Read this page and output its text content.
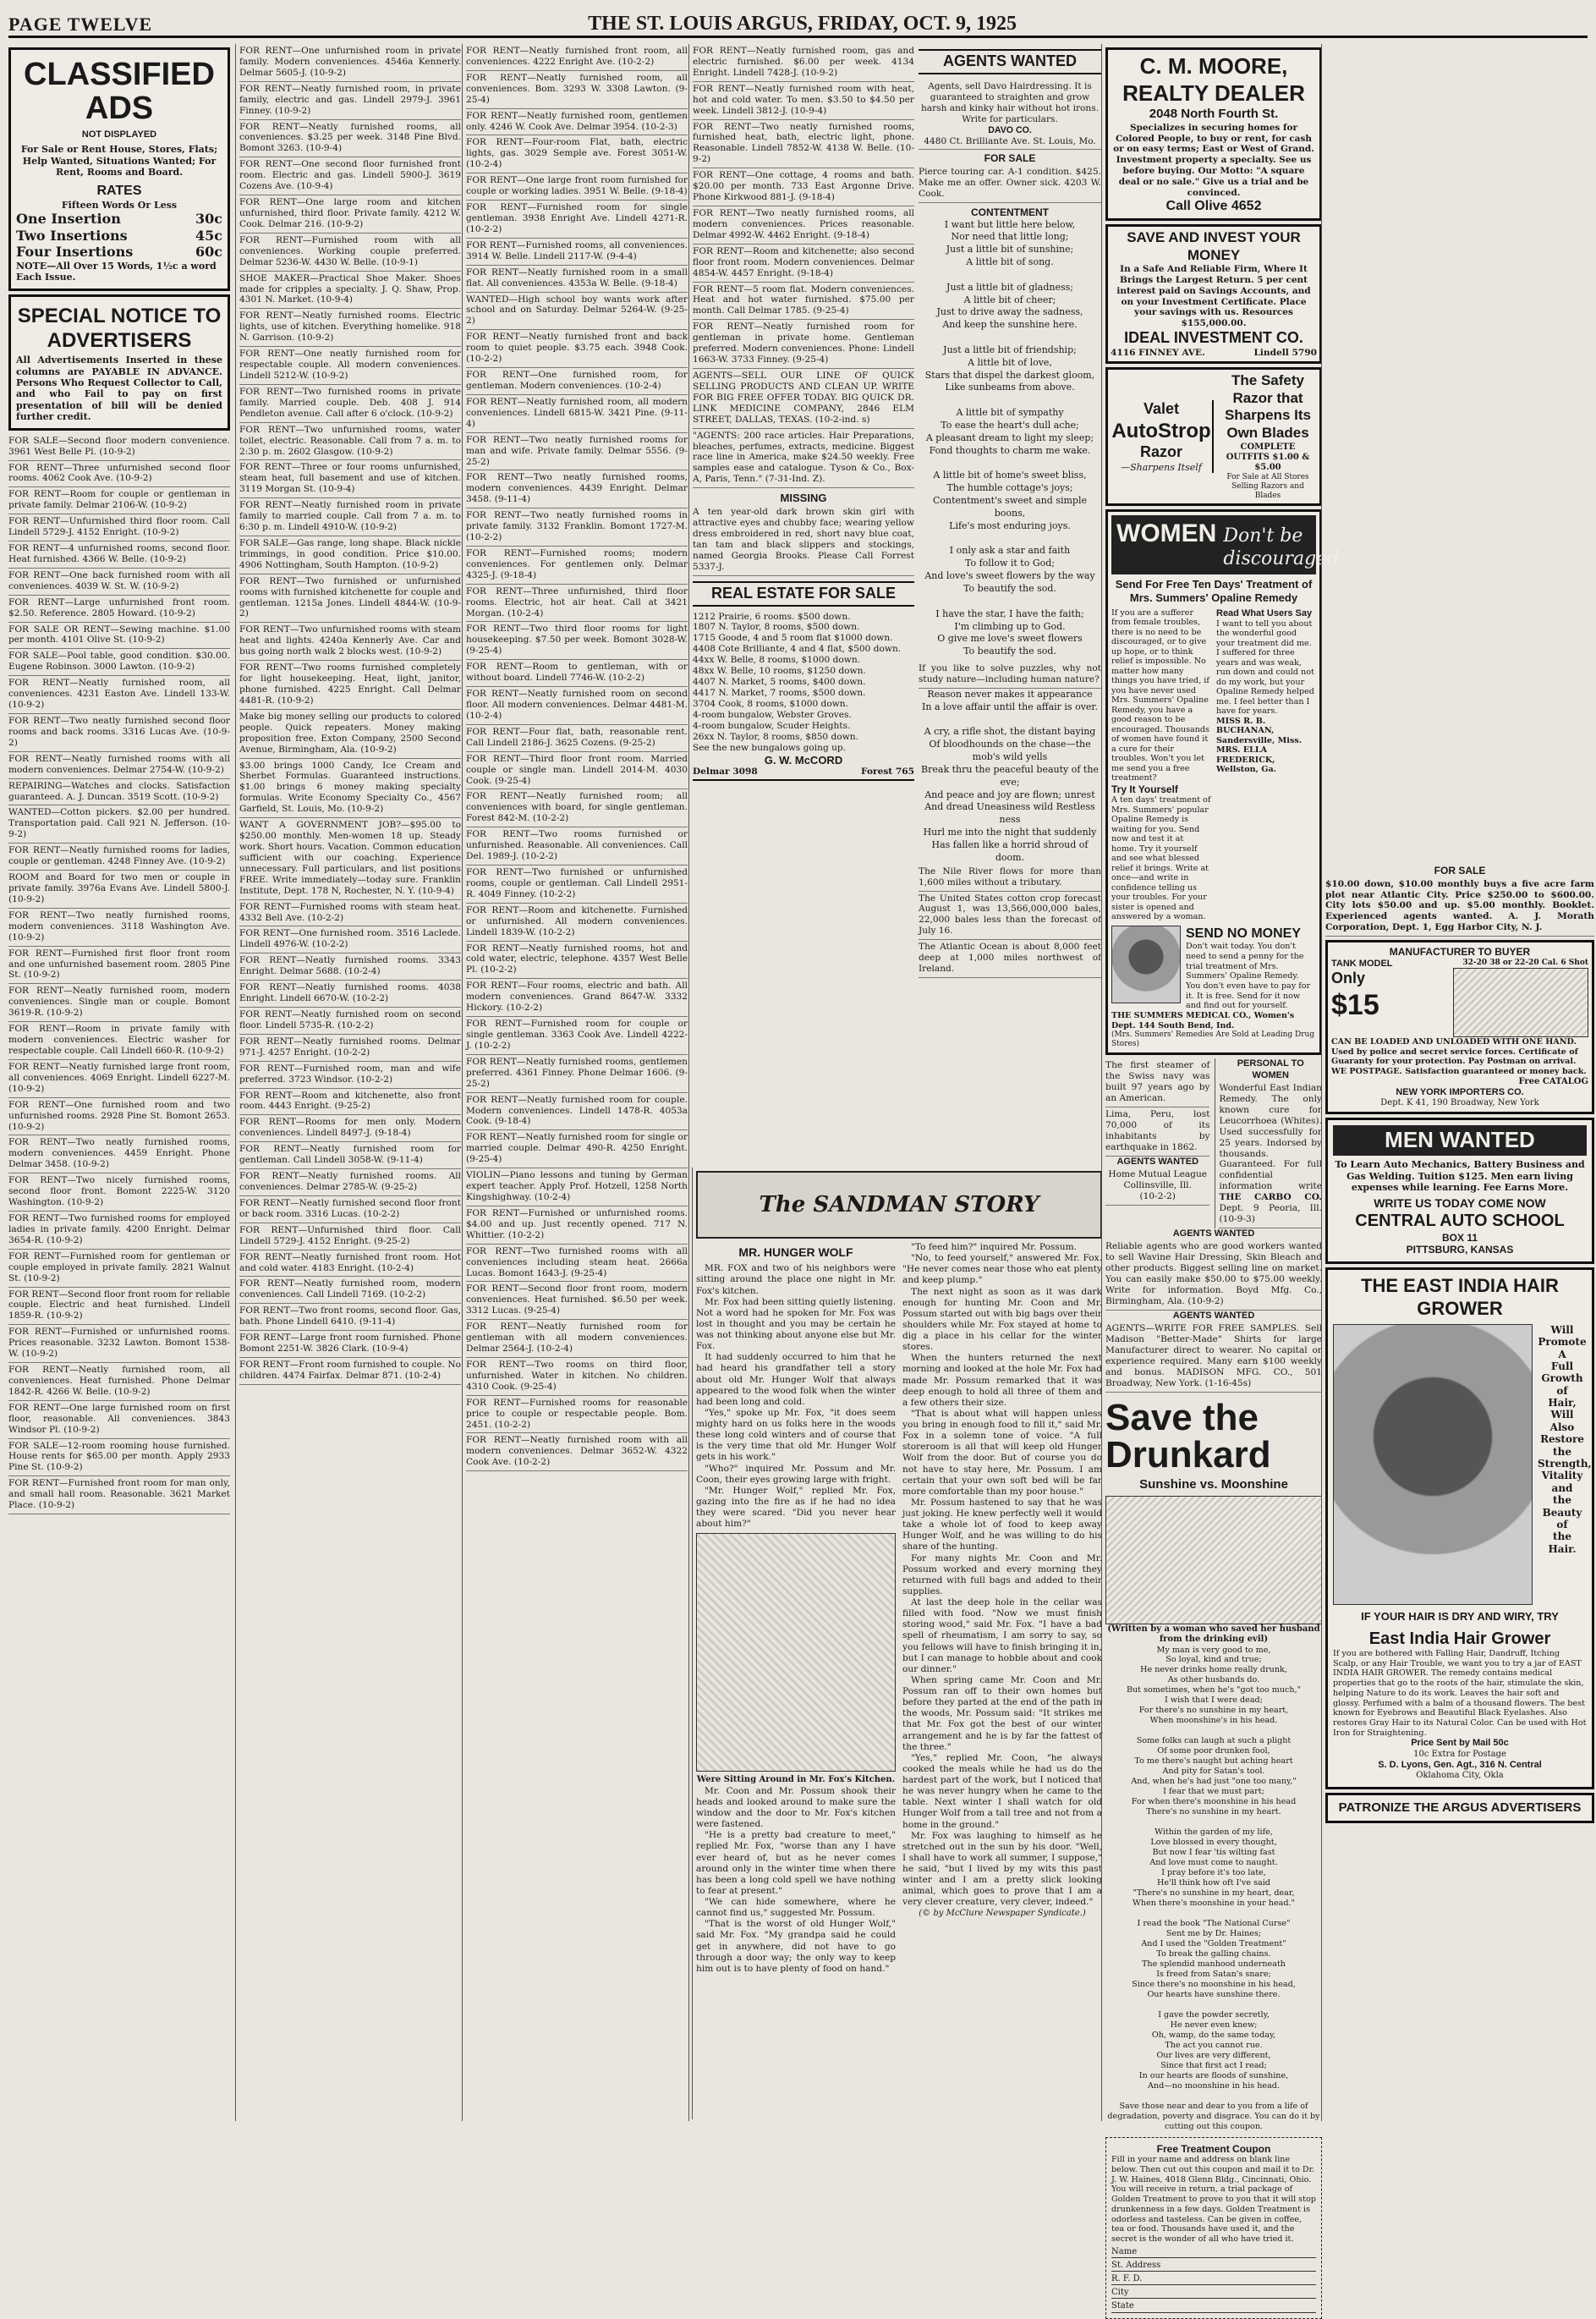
PAGE TWELVE	THE ST. LOUIS ARGUS, FRIDAY, OCT. 9, 1925
CLASSIFIED ADS
NOT DISPLAYED
For Sale or Rent House, Stores, Flats; Help Wanted, Situations Wanted; For Rent, Rooms and Board.
RATES
Fifteen Words Or Less
One Insertion	30c
Two Insertions	45c
Four Insertions	60c
NOTE—All Over 15 Words, 1½c a word Each Issue.
SPECIAL NOTICE TO ADVERTISERS
All Advertisements Inserted in these columns are PAYABLE IN ADVANCE. Persons Who Request Collector to Call, and who Fail to pay on first presentation of bill will be denied further credit.
FOR SALE—Second floor modern convenience. 3961 West Belle Pl. (10-9-2)
FOR RENT—Three unfurnished second floor rooms. 4062 Cook Ave. (10-9-2)
FOR RENT—Room for couple or gentleman in private family. Delmar 2106-W. (10-9-2)
FOR RENT—Unfurnished third floor room. Call Lindell 5729-J. 4152 Enright. (10-9-2)
FOR RENT—4 unfurnished rooms, second floor. Heat furnished. 4366 W. Belle. (10-9-2)
FOR RENT—One back furnished room with all conveniences. 4039 W. St. W. (10-9-2)
FOR RENT—Large unfurnished front room. $2.50. Reference. 2805 Howard. (10-9-2)
FOR SALE OR RENT—Sewing machine. $1.00 per month. 4101 Olive St. (10-9-2)
FOR SALE—Pool table, good condition. $30.00. Eugene Robinson. 3000 Lawton. (10-9-2)
FOR RENT—Neatly furnished room, all conveniences. 4231 Easton Ave. Lindell 133-W. (10-9-2)
FOR RENT—Two neatly furnished second floor rooms and back rooms. 3316 Lucas Ave. (10-9-2)
FOR RENT—Neatly furnished rooms with all modern conveniences. Delmar 2754-W. (10-9-2)
REPAIRING—Watches and clocks. Satisfaction guaranteed. A. J. Duncan. 3519 Scott. (10-9-2)
WANTED—Cotton pickers. $2.00 per hundred. Transportation paid. Call 921 N. Jefferson. (10-9-2)
FOR RENT—Neatly furnished rooms for ladies, couple or gentleman. 4248 Finney Ave. (10-9-2)
ROOM and Board for two men or couple in private family. 3976a Evans Ave. Lindell 5800-J. (10-9-2)
FOR RENT—Two neatly furnished rooms, modern conveniences. 3118 Washington Ave. (10-9-2)
FOR RENT—Furnished first floor front room and one unfurnished basement room. 2805 Pine St. (10-9-2)
FOR RENT—Neatly furnished room, modern conveniences. Single man or couple. Bomont 3619-R. (10-9-2)
FOR RENT—Room in private family with modern conveniences. Electric washer for respectable couple. Call Lindell 660-R. (10-9-2)
FOR RENT—Neatly furnished large front room, all conveniences. 4069 Enright. Lindell 6227-M. (10-9-2)
FOR RENT—One furnished room and two unfurnished rooms. 2928 Pine St. Bomont 2653. (10-9-2)
FOR RENT—Two neatly furnished rooms, modern conveniences. 4459 Enright. Phone Delmar 3458. (10-9-2)
FOR RENT—Two nicely furnished rooms, second floor front. Bomont 2225-W. 3120 Washington. (10-9-2)
FOR RENT—Two furnished rooms for employed ladies in private family. 4200 Enright. Delmar 3654-R. (10-9-2)
FOR RENT—Furnished room for gentleman or couple employed in private family. 2821 Walnut St. (10-9-2)
FOR RENT—Second floor front room for reliable couple. Electric and heat furnished. Lindell 1859-R. (10-9-2)
FOR RENT—Furnished or unfurnished rooms. Prices reasonable. 3232 Lawton. Bomont 1538-W. (10-9-2)
FOR RENT—Neatly furnished room, all conveniences. Heat furnished. Phone Delmar 1842-R. 4266 W. Belle. (10-9-2)
FOR RENT—One large furnished room on first floor, reasonable. All conveniences. 3843 Windsor Pl. (10-9-2)
FOR SALE—12-room rooming house furnished. House rents for $65.00 per month. Apply 2933 Pine St. (10-9-2)
FOR RENT—Furnished front room for man only, and small hall room. Reasonable. 3621 Market Place. (10-9-2)
FOR RENT—One unfurnished room in private family. Modern conveniences. 4546a Kennerly. Delmar 5605-J. (10-9-2)
FOR RENT—Neatly furnished room, in private family, electric and gas. Lindell 2979-J. 3961 Finney. (10-9-2)
FOR RENT—Neatly furnished rooms, all conveniences. $3.25 per week. 3148 Pine Blvd. Bomont 3263. (10-9-4)
FOR RENT—One second floor furnished front room. Electric and gas. Lindell 5900-J. 3619 Cozens Ave. (10-9-4)
FOR RENT—One large room and kitchen unfurnished, third floor. Private family. 4212 W. Cook. Delmar 216. (10-9-2)
FOR RENT—Furnished room with all conveniences. Working couple preferred. Delmar 5236-W. 4430 W. Belle. (10-9-1)
SHOE MAKER—Practical Shoe Maker. Shoes made for cripples a specialty. J. Q. Shaw, Prop. 4301 N. Market. (10-9-4)
FOR RENT—Neatly furnished rooms. Electric lights, use of kitchen. Everything homelike. 918 N. Garrison. (10-9-2)
FOR RENT—One neatly furnished room for respectable couple. All modern conveniences. Lindell 5212-W. (10-9-2)
FOR RENT—Two furnished rooms in private family. Married couple. Deb. 408 J. 914 Pendleton avenue. Call after 6 o'clock. (10-9-2)
FOR RENT—Two unfurnished rooms, water toilet, electric. Reasonable. Call from 7 a. m. to 2:30 p. m. 2602 Glasgow. (10-9-2)
FOR RENT—Three or four rooms unfurnished, steam heat, full basement and use of kitchen. 3119 Morgan St. (10-9-4)
FOR RENT—Neatly furnished room in private family to married couple. Call from 7 a. m. to 6:30 p. m. Lindell 4910-W. (10-9-2)
FOR SALE—Gas range, long shape. Black nickle trimmings, in good condition. Price $10.00. 4906 Nottingham, South Hampton. (10-9-2)
FOR RENT—Two furnished or unfurnished rooms with furnished kitchenette for couple and gentleman. 1215a Jones. Lindell 4844-W. (10-9-2)
FOR RENT—Two unfurnished rooms with steam heat and lights. 4240a Kennerly Ave. Car and bus going north walk 2 blocks west. (10-9-2)
FOR RENT—Two rooms furnished completely for light housekeeping. Heat, light, janitor, phone furnished. 4225 Enright. Call Delmar 4481-R. (10-9-2)
Make big money selling our products to colored people. Quick repeaters. Money making proposition free. Exton Company, 2500 Second Avenue, Birmingham, Ala. (10-9-2)
$3.00 brings 1000 Candy, Ice Cream and Sherbet Formulas. Guaranteed instructions. $1.00 brings 6 money making specialty formulas. Write Economy Specialty Co., 4567 Garfield, St. Louis, Mo. (10-9-2)
WANT A GOVERNMENT JOB?—$95.00 to $250.00 monthly. Men-women 18 up. Steady work. Short hours. Vacation. Common education sufficient with our coaching. Experience unnecessary. Full particulars, and list positions FREE. Write immediately—today sure. Franklin Institute, Dept. 178 N, Rochester, N. Y. (10-9-4)
FOR RENT—Furnished rooms with steam heat. 4332 Bell Ave. (10-2-2)
FOR RENT—One furnished room. 3516 Laclede. Lindell 4976-W. (10-2-2)
FOR RENT—Neatly furnished rooms. 3343 Enright. Delmar 5688. (10-2-4)
FOR RENT—Neatly furnished rooms. 4038 Enright. Lindell 6670-W. (10-2-2)
FOR RENT—Neatly furnished room on second floor. Lindell 5735-R. (10-2-2)
FOR RENT—Neatly furnished rooms. Delmar 971-J. 4257 Enright. (10-2-2)
FOR RENT—Furnished room, man and wife preferred. 3723 Windsor. (10-2-2)
FOR RENT—Room and kitchenette, also front room. 4443 Enright. (9-25-2)
FOR RENT—Rooms for men only. Modern conveniences. Lindell 8497-J. (9-18-4)
FOR RENT—Neatly furnished room for gentleman. Call Lindell 3058-W. (9-11-4)
FOR RENT—Neatly furnished rooms. All conveniences. Delmar 2785-W. (9-25-2)
FOR RENT—Neatly furnished second floor front or back room. 3316 Lucas. (10-2-2)
FOR RENT—Unfurnished third floor. Call Lindell 5729-J. 4152 Enright. (9-25-2)
FOR RENT—Neatly furnished front room. Hot and cold water. 4183 Enright. (10-2-4)
FOR RENT—Neatly furnished room, modern conveniences. Call Lindell 7169. (10-2-2)
FOR RENT—Two front rooms, second floor. Gas, bath. Phone Lindell 6410. (9-11-4)
FOR RENT—Large front room furnished. Phone Bomont 2251-W. 3826 Clark. (10-9-4)
FOR RENT—Front room furnished to couple. No children. 4474 Fairfax. Delmar 871. (10-2-4)
FOR RENT—Neatly furnished front room, all conveniences. 4222 Enright Ave. (10-2-2)
FOR RENT—Neatly furnished room, all conveniences. Bom. 3293 W. 3308 Lawton. (9-25-4)
FOR RENT—Neatly furnished room, gentlemen only. 4246 W. Cook Ave. Delmar 3954. (10-2-3)
FOR RENT—Four-room Flat, bath, electric lights, gas. 3029 Semple ave. Forest 3051-W. (10-2-4)
FOR RENT—One large front room furnished for couple or working ladies. 3951 W. Belle. (9-18-4)
FOR RENT—Furnished room for single gentleman. 3938 Enright Ave. Lindell 4271-R. (10-2-2)
FOR RENT—Furnished rooms, all conveniences. 3914 W. Belle. Lindell 2117-W. (9-4-4)
FOR RENT—Neatly furnished room in a small flat. All conveniences. 4353a W. Belle. (9-18-4)
WANTED—High school boy wants work after school and on Saturday. Delmar 5264-W. (9-25-2)
FOR RENT—Neatly furnished front and back room to quiet people. $3.75 each. 3948 Cook. (10-2-2)
FOR RENT—One furnished room, for gentleman. Modern conveniences. (10-2-4)
FOR RENT—Neatly furnished room, all modern conveniences. Lindell 6815-W. 3421 Pine. (9-11-4)
FOR RENT—Two neatly furnished rooms for man and wife. Private family. Delmar 5556. (9-25-2)
FOR RENT—Two neatly furnished rooms, modern conveniences. 4439 Enright. Delmar 3458. (9-11-4)
FOR RENT—Two neatly furnished rooms in private family. 3132 Franklin. Bomont 1727-M. (10-2-2)
FOR RENT—Furnished rooms; modern conveniences. For gentlemen only. Delmar 4325-J. (9-18-4)
FOR RENT—Three unfurnished, third floor rooms. Electric, hot air heat. Call at 3421 Morgan. (10-2-4)
FOR RENT—Two third floor rooms for light housekeeping. $7.50 per week. Bomont 3028-W. (9-25-4)
FOR RENT—Room to gentleman, with or without board. Lindell 7746-W. (10-2-2)
FOR RENT—Neatly furnished room on second floor. All modern conveniences. Delmar 4481-M. (10-2-4)
FOR RENT—Four flat, bath, reasonable rent. Call Lindell 2186-J. 3625 Cozens. (9-25-2)
FOR RENT—Third floor front room. Married couple or single man. Lindell 2014-M. 4030 Cook. (9-25-4)
FOR RENT—Neatly furnished room; all conveniences with board, for single gentleman. Forest 842-M. (10-2-2)
FOR RENT—Two rooms furnished or unfurnished. Reasonable. All conveniences. Call Del. 1989-J. (10-2-2)
FOR RENT—Two furnished or unfurnished rooms, couple or gentleman. Call Lindell 2951-R. 4049 Finney. (10-2-2)
FOR RENT—Room and kitchenette. Furnished or unfurnished. All modern conveniences. Lindell 1839-W. (10-2-2)
FOR RENT—Neatly furnished rooms, hot and cold water, electric, telephone. 4357 West Belle Pl. (10-2-2)
FOR RENT—Four rooms, electric and bath. All modern conveniences. Grand 8647-W. 3332 Hickory. (10-2-2)
FOR RENT—Furnished room for couple or single gentleman. 3363 Cook Ave. Lindell 4222-J. (10-2-2)
FOR RENT—Neatly furnished rooms, gentlemen preferred. 4361 Finney. Phone Delmar 1606. (9-25-2)
FOR RENT—Neatly furnished room for couple. Modern conveniences. Lindell 1478-R. 4053a Cook. (9-18-4)
FOR RENT—Neatly furnished room for single or married couple. Delmar 490-R. 4250 Enright. (9-25-4)
VIOLIN—Piano lessons and tuning by German expert teacher. Apply Prof. Hotzell, 1258 North Kingshighway. (10-2-4)
FOR RENT—Furnished or unfurnished rooms. $4.00 and up. Just recently opened. 717 N. Whittier. (10-2-2)
FOR RENT—Two furnished rooms with all conveniences including steam heat. 2666a Lucas. Bomont 1643-J. (9-25-4)
FOR RENT—Second floor front room, modern conveniences. Heat furnished. $6.50 per week. 3312 Lucas. (9-25-4)
FOR RENT—Neatly furnished room for gentleman with all modern conveniences. Delmar 2564-J. (10-2-4)
FOR RENT—Two rooms on third floor, unfurnished. Water in kitchen. No children. 4310 Cook. (9-25-4)
FOR RENT—Furnished rooms for reasonable price to couple or respectable people. Bom. 2451. (10-2-2)
FOR RENT—Neatly furnished room with all modern conveniences. Delmar 3652-W. 4322 Cook Ave. (10-2-2)
FOR RENT—Neatly furnished room, gas and electric furnished. $6.00 per week. 4134 Enright. Lindell 7428-J. (10-9-2)
FOR RENT—Neatly furnished room with heat, hot and cold water. To men. $3.50 to $4.50 per week. Lindell 3812-J. (10-9-4)
FOR RENT—Two neatly furnished rooms, furnished heat, bath, electric light, phone. Reasonable. Lindell 7852-W. 4138 W. Belle. (10-9-2)
FOR RENT—One cottage, 4 rooms and bath. $20.00 per month. 733 East Argonne Drive. Phone Kirkwood 881-J. (9-18-4)
FOR RENT—Two neatly furnished rooms, all modern conveniences. Prices reasonable. Delmar 4992-W. 4462 Enright. (9-18-4)
FOR RENT—Room and kitchenette; also second floor front room. Modern conveniences. Delmar 4854-W. 4457 Enright. (9-18-4)
FOR RENT—5 room flat. Modern conveniences. Heat and hot water furnished. $75.00 per month. Call Delmar 1785. (9-25-4)
FOR RENT—Neatly furnished room for gentleman in private home. Gentleman preferred. Modern conveniences. Phone: Lindell 1663-W. 3733 Finney. (9-25-4)
AGENTS—SELL OUR LINE OF QUICK SELLING PRODUCTS AND CLEAN UP. WRITE FOR BIG FREE OFFER TODAY. BIG QUICK DR. LINK MEDICINE COMPANY, 2846 ELM STREET, DALLAS, TEXAS. (10-2-ind. s)
"AGENTS: 200 race articles. Hair Preparations, bleaches, perfumes, extracts, medicine. Biggest race line in America, make $24.50 weekly. Free samples ease and catalogue. Tyson & Co., Box-A, Paris, Tenn." (7-31-Ind. Z).
MISSING
A ten year-old dark brown skin girl with attractive eyes and chubby face; wearing yellow dress embroidered in red, short navy blue coat, tan tam and black slippers and stockings, named Georgia Brooks. Please Call Forrest 5337-J.
REAL ESTATE FOR SALE
1212 Prairie, 6 rooms. $500 down.
1807 N. Taylor, 8 rooms, $500 down.
1715 Goode, 4 and 5 room flat $1000 down.
4408 Cote Brilliante, 4 and 4 flat, $500 down.
44xx W. Belle, 8 rooms, $1000 down.
48xx W. Belle, 10 rooms, $1250 down.
4407 N. Market, 5 rooms, $400 down.
4417 N. Market, 7 rooms, $500 down.
3704 Cook, 8 rooms, $1000 down.
4-room bungalow, Webster Groves.
4-room bungalow, Scuder Heights.
26xx N. Taylor, 8 rooms, $850 down.
See the new bungalows going up.
G. W. McCORD
Delmar 3098	Forest 765
The SANDMAN STORY
MR. HUNGER WOLF
MR. FOX and two of his neighbors were sitting around the place one night in Mr. Fox's kitchen.
Mr. Fox had been sitting quietly listening. Not a word had he spoken for Mr. Fox was lost in thought and you may be certain he was not thinking about anyone else but Mr. Fox.
It had suddenly occurred to him that he had heard his grandfather tell a story about old Mr. Hunger Wolf that always appeared to the wood folk when the winter had been long and cold.
"Yes," spoke up Mr. Fox, "it does seem mighty hard on us folks here in the woods these long cold winters and of course that is the very time that old Mr. Hunger Wolf gets in his work."
"Who?" inquired Mr. Possum and Mr. Coon, their eyes growing large with fright.
"Mr. Hunger Wolf," replied Mr. Fox, gazing into the fire as if he had no idea they were scared. "Did you never hear about him?"
Were Sitting Around in Mr. Fox's Kitchen.
Mr. Coon and Mr. Possum shook their heads and looked around to make sure the window and the door to Mr. Fox's kitchen were fastened.
"He is a pretty bad creature to meet," replied Mr. Fox, "worse than any I have ever heard of, but as he never comes around only in the winter time when there has been a long cold spell we have nothing to fear at present."
"We can hide somewhere, where he cannot find us," suggested Mr. Possum.
"That is the worst of old Hunger Wolf," said Mr. Fox. "My grandpa said he could get in anywhere, did not have to go through a door way; the only way to keep him out is to have plenty of food on hand."
"To feed him?" inquired Mr. Possum.
"No, to feed yourself," answered Mr. Fox. "He never comes near those who eat plenty and keep plump."
The next night as soon as it was dark enough for hunting Mr. Coon and Mr. Possum started out with big bags over their shoulders while Mr. Fox stayed at home to dig a place in his cellar for the winter stores.
When the hunters returned the next morning and looked at the hole Mr. Fox had made Mr. Possum remarked that it was deep enough to hold all three of them and a few others their size.
"That is about what will happen unless you bring in enough food to fill it," said Mr. Fox in a solemn tone of voice. "A full storeroom is all that will keep old Hunger Wolf from the door. But of course you do not have to stay here, Mr. Possum. I am certain that your own soft bed will be far more comfortable than my poor house."
Mr. Possum hastened to say that he was just joking. He knew perfectly well it would take a whole lot of food to keep away Hunger Wolf, and he was willing to do his share of the hunting.
For many nights Mr. Coon and Mr. Possum worked and every morning they returned with full bags and added to their supplies.
At last the deep hole in the cellar was filled with food. "Now we must finish storing wood," said Mr. Fox. "I have a bad spell of rheumatism, I am sorry to say, so you fellows will have to finish bringing it in, but I can manage to hobble about and cook our dinner."
When spring came Mr. Coon and Mr. Possum ran off to their own homes but before they parted at the end of the path in the woods, Mr. Possum said: "It strikes me that Mr. Fox got the best of our winter arrangement and he is by far the fattest of the three."
"Yes," replied Mr. Coon, "he always cooked the meals while he had us do the hardest part of the work, but I noticed that he was never hungry when he came to the table. Next winter I shall watch for old Hunger Wolf from a tall tree and not from a home in the ground."
Mr. Fox was laughing to himself as he stretched out in the sun by his door. "Well, I shall have to work all summer, I suppose," he said, "but I lived by my wits this past winter and I am a pretty slick looking animal, which goes to prove that I am a very clever creature, very clever, indeed."
(© by McClure Newspaper Syndicate.)
AGENTS WANTED
Agents, sell Davo Hairdressing. It is guaranteed to straighten and grow harsh and kinky hair without hot irons. Write for particulars.
DAVO CO.
4480 Ct. Brilliante Ave. St. Louis, Mo.
FOR SALE
Pierce touring car. A-1 condition. $425. Make me an offer. Owner sick. 4203 W. Cook.
CONTENTMENT
I want but little here below,
Nor need that little long;
Just a little bit of sunshine;
A little bit of song.

Just a little bit of gladness;
A little bit of cheer;
Just to drive away the sadness,
And keep the sunshine here.

Just a little bit of friendship;
A little bit of love,
Stars that dispel the darkest gloom,
Like sunbeams from above.

A little bit of sympathy
To ease the heart's dull ache;
A pleasant dream to light my sleep;
Fond thoughts to charm me wake.

A little bit of home's sweet bliss,
The humble cottage's joys;
Contentment's sweet and simple boons,
Life's most enduring joys.

I only ask a star and faith
To follow it to God;
And love's sweet flowers by the way
To beautify the sod.

I have the star, I have the faith;
I'm climbing up to God.
O give me love's sweet flowers
To beautify the sod.
If you like to solve puzzles, why not study nature—including human nature?
Reason never makes it appearance
In a love affair until the affair is over.

A cry, a rifle shot, the distant baying
Of bloodhounds on the chase—the mob's wild yells
Break thru the peaceful beauty of the eve;
And peace and joy are flown; unrest
And dread Uneasiness wild Restless ness
Hurl me into the night that suddenly
Has fallen like a horrid shroud of doom.
The Nile River flows for more than 1,600 miles without a tributary.
The United States cotton crop forecast August 1, was 13,566,000,000 bales, 22,000 bales less than the forecast of July 16.
The Atlantic Ocean is about 8,000 feet deep at 1,000 miles northwest of Ireland.
C. M. MOORE, REALTY DEALER
2048 North Fourth St.
Specializes in securing homes for Colored People, to buy or rent, for cash or on easy terms; East or West of Grand. Investment property a specialty. See us before buying. Our Motto: "A square deal or no sale." Give us a trial and be convinced.
Call Olive 4652
SAVE AND INVEST YOUR MONEY
In a Safe And Reliable Firm, Where It Brings the Largest Return. 5 per cent interest paid on Savings Accounts, and on your Investment Certificate. Place your savings with us. Resources $155,000.00.
IDEAL INVESTMENT CO.
4116 FINNEY AVE.	Lindell 5790
Valet
AutoStrop
Razor
—Sharpens Itself
The Safety Razor that Sharpens Its Own Blades
COMPLETE OUTFITS $1.00 & $5.00
For Sale at All Stores Selling Razors and Blades
WOMEN Don't be discouraged
Send For Free Ten Days' Treatment of Mrs. Summers' Opaline Remedy
If you are a sufferer from female troubles, there is no need to be discouraged, or to give up hope, or to think relief is impossible. No matter how many things you have tried, if you have never used Mrs. Summers' Opaline Remedy, you have a good reason to be encouraged. Thousands of women have found it a cure for their troubles. Won't you let me send you a free treatment?
Try It Yourself
A ten days' treatment of Mrs. Summers' popular Opaline Remedy is waiting for you. Send now and test it at home. Try it yourself and see what blessed relief it brings. Write at once—and write in confidence telling us your troubles. For your sister is opened and answered by a woman.
Read What Users Say
I want to tell you about the wonderful good your treatment did me. I suffered for three years and was weak, run down and could not do my work, but your Opaline Remedy helped me. I feel better than I have for years.
MISS R. B. BUCHANAN, Sandersville, Miss.
MRS. ELLA FREDERICK, Wellston, Ga.
SEND NO MONEY
Don't wait today. You don't need to send a penny for the trial treatment of Mrs. Summers' Opaline Remedy. You don't even have to pay for it. It is free. Send for it now and find out for yourself.
THE SUMMERS MEDICAL CO., Women's Dept. 144 South Bend, Ind.
(Mrs. Summers' Remedies Are Sold at Leading Drug Stores)
The first steamer of the Swiss navy was built 97 years ago by an American.
Lima, Peru, lost 70,000 of its inhabitants by earthquake in 1862.
AGENTS WANTED
Home Mutual League
Collinsville, Ill.
(10-2-2)
PERSONAL TO WOMEN
Wonderful East Indian Remedy. The only known cure for Leucorrhoea (Whites). Used successfully for 25 years. Indorsed by thousands. Guaranteed. For full confidential information write THE CARBO CO. Dept. 9 Peoria, Ill. (10-9-3)
AGENTS WANTED
Reliable agents who are good workers wanted to sell Wavine Hair Dressing, Skin Bleach and other products. Biggest selling line on market. You can easily make $50.00 to $75.00 weekly. Write for information. Boyd Mfg. Co., Birmingham, Ala. (10-9-2)
AGENTS WANTED
AGENTS—WRITE FOR FREE SAMPLES. Sell Madison "Better-Made" Shirts for large Manufacturer direct to wearer. No capital or experience required. Many earn $100 weekly and bonus. MADISON MFG. CO., 501 Broadway, New York. (1-16-45s)
Save the Drunkard
Sunshine vs. Moonshine
(Written by a woman who saved her husband from the drinking evil)
My man is very good to me,
So loyal, kind and true;
He never drinks home really drunk,
As other husbands do.
But sometimes, when he's "got too much,"
I wish that I were dead;
For there's no sunshine in my heart,
When moonshine's in his head.

Some folks can laugh at such a plight
Of some poor drunken fool,
To me there's naught but aching heart
And pity for Satan's tool.
And, when he's had just "one too many,"
I fear that we must part;
For when there's moonshine in his head
There's no sunshine in my heart.

Within the garden of my life,
Love blossed in every thought,
But now I fear 'tis wilting fast
And love must come to naught.
I pray before it's too late,
He'll think how oft I've said
"There's no sunshine in my heart, dear,
When there's moonshine in your head."

I read the book "The National Curse"
Sent me by Dr. Haines;
And I used the "Golden Treatment"
To break the galling chains.
The splendid manhood underneath
Is freed from Satan's snare;
Since there's no moonshine in his head,
Our hearts have sunshine there.

I gave the powder secretly,
He never even knew;
Oh, wamp, do the same today,
The act you cannot rue.
Our lives are very different,
Since that first act I read;
In our hearts are floods of sunshine,
And—no moonshine in his head.

Save those near and dear to you from a life of degradation, poverty and disgrace. You can do it by cutting out this coupon.
Free Treatment Coupon
Fill in your name and address on blank line below. Then cut out this coupon and mail it to Dr. J. W. Haines, 4018 Glenn Bldg., Cincinnati, Ohio. You will receive in return, a trial package of Golden Treatment to prove to you that it will stop drunkenness in a few days. Golden Treatment is odorless and tasteless. Can be given in coffee, tea or food. Thousands have used it, and the secret is the wonder of all who have tried it.
Name
St. Address
R. F. D.
City
State
FOR SALE
$10.00 down, $10.00 monthly buys a five acre farm plot near Atlantic City. Price $250.00 to $600.00. City lots $50.00 and up. $5.00 monthly. Booklet. Experienced agents wanted. A. J. Morath Corporation, Dept. 1, Egg Harbor City, N. J.
MANUFACTURER TO BUYER
TANK MODEL
Only
$15
32-20 38 or 22-20 Cal. 6 Shot
CAN BE LOADED AND UNLOADED WITH ONE HAND. Used by police and secret service forces. Certificate of Guaranty for your protection. Pay Postman on arrival. WE POSTPAGE. Satisfaction guaranteed or money back.
Free CATALOG
NEW YORK IMPORTERS CO.
Dept. K 41, 190 Broadway, New York
MEN WANTED
To Learn Auto Mechanics, Battery Business and Gas Welding. Tuition $125. Men earn living expenses while learning. Fee Earns More.
WRITE US TODAY COME NOW
CENTRAL AUTO SCHOOL
BOX 11
PITTSBURG, KANSAS
THE EAST INDIA HAIR GROWER
Will
Promote
A
Full
Growth
of
Hair,
Will
Also
Restore
the
Strength,
Vitality
and
the
Beauty
of
the
Hair.
IF YOUR HAIR IS DRY AND WIRY, TRY
East India Hair Grower
If you are bothered with Falling Hair, Dandruff, Itching Scalp, or any Hair Trouble, we want you to try a jar of EAST INDIA HAIR GROWER. The remedy contains medical properties that go to the roots of the hair, stimulate the skin, helping Nature to do its work. Leaves the hair soft and glossy. Perfumed with a balm of a thousand flowers. The best known for Eyebrows and Beautiful Black Eyelashes. Also restores Gray Hair to its Natural Color. Can be used with Hot Iron for Straightening.
Price Sent by Mail 50c
10c Extra for Postage
S. D. Lyons, Gen. Agt., 316 N. Central
Oklahoma City, Okla
PATRONIZE THE ARGUS ADVERTISERS
